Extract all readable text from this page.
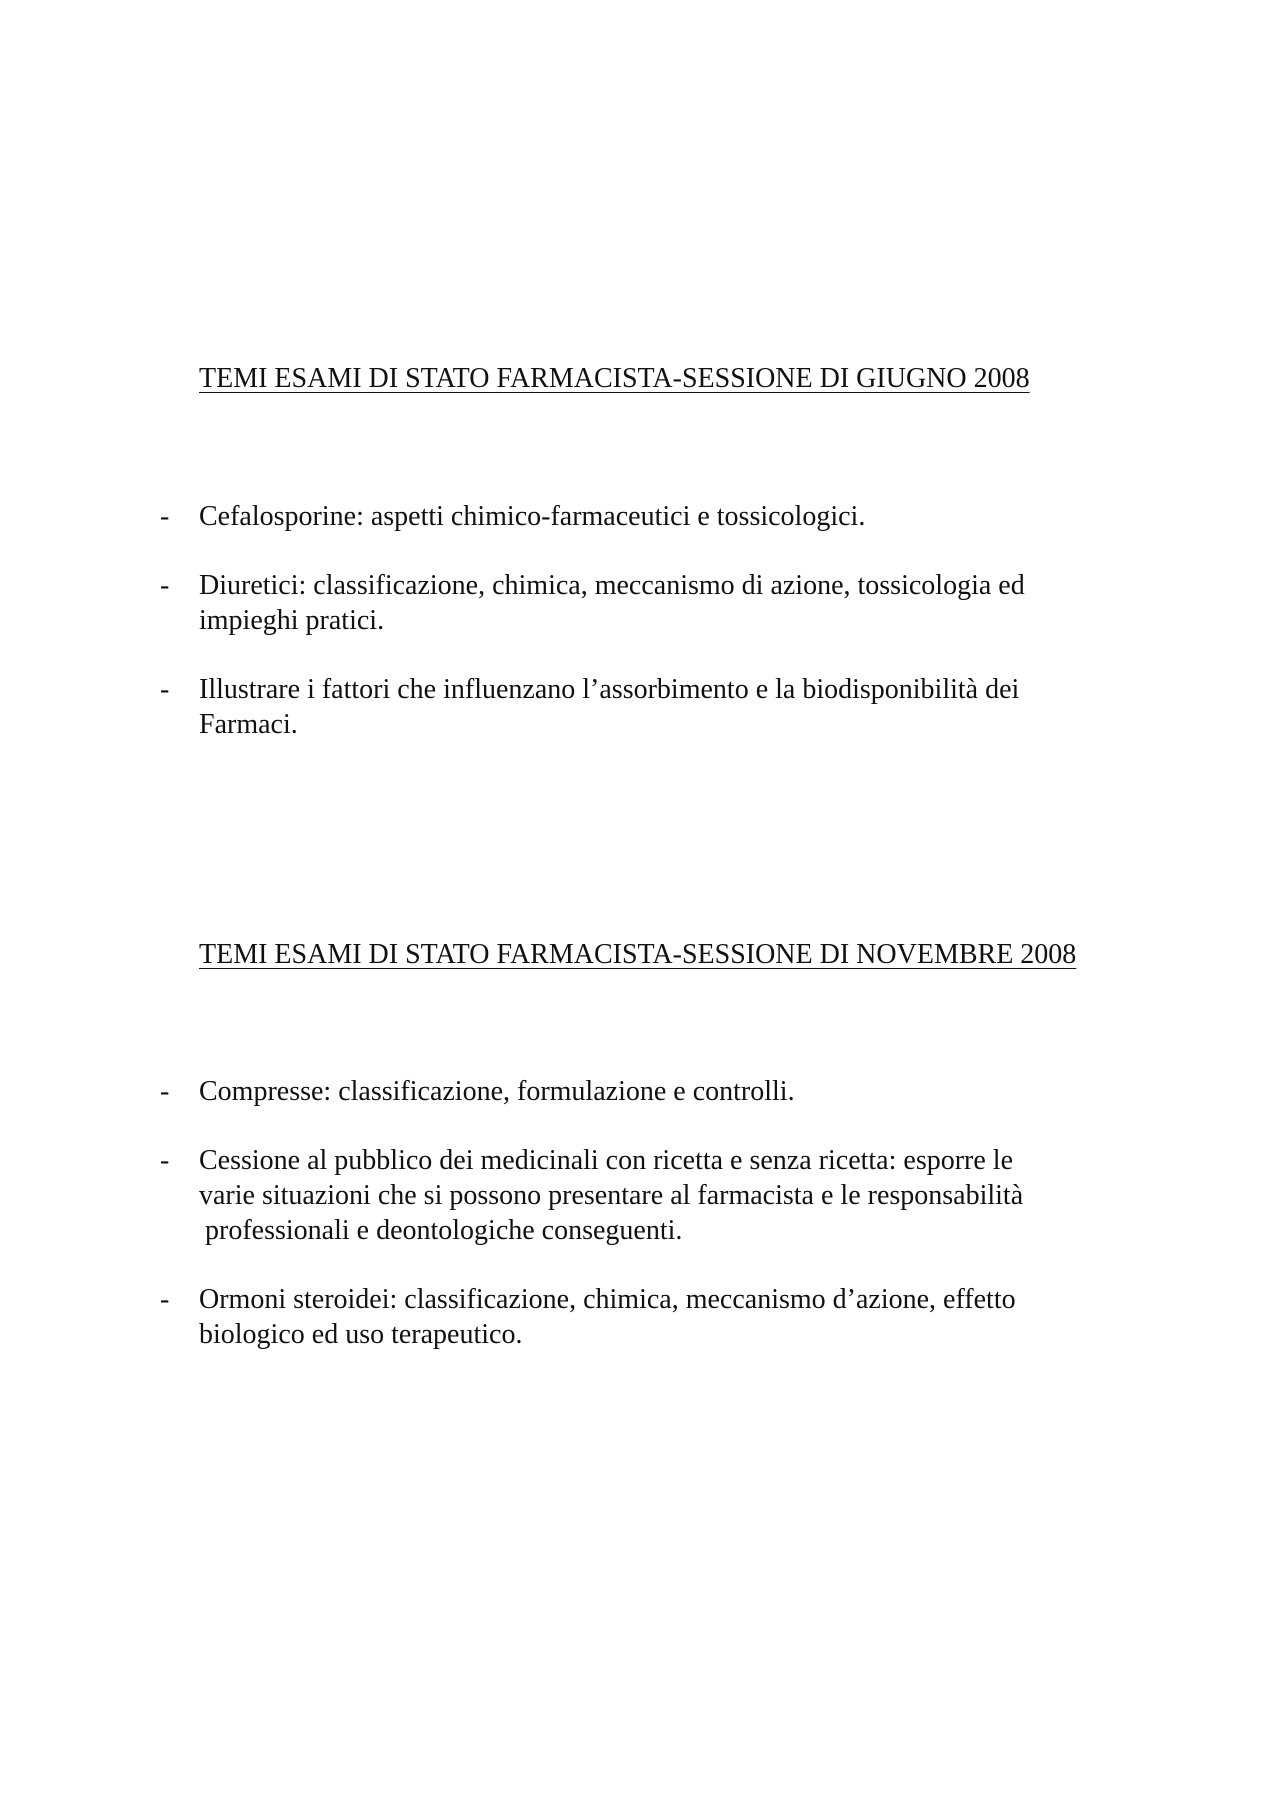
TEMI ESAMI DI STATO FARMACISTA-SESSIONE DI GIUGNO 2008
- Cefalosporine: aspetti chimico-farmaceutici e tossicologici.
- Diuretici: classificazione, chimica, meccanismo di azione, tossicologia ed
impieghi pratici.
- Illustrare i fattori che influenzano l’assorbimento e la biodisponibilità dei
Farmaci.
TEMI ESAMI DI STATO FARMACISTA-SESSIONE DI NOVEMBRE 2008
- Compresse: classificazione, formulazione e controlli.
- Cessione al pubblico dei medicinali con ricetta e senza ricetta: esporre le
varie situazioni che si possono presentare al farmacista e le responsabilità
professionali e deontologiche conseguenti.
- Ormoni steroidei: classificazione, chimica, meccanismo d’azione, effetto
biologico ed uso terapeutico.
